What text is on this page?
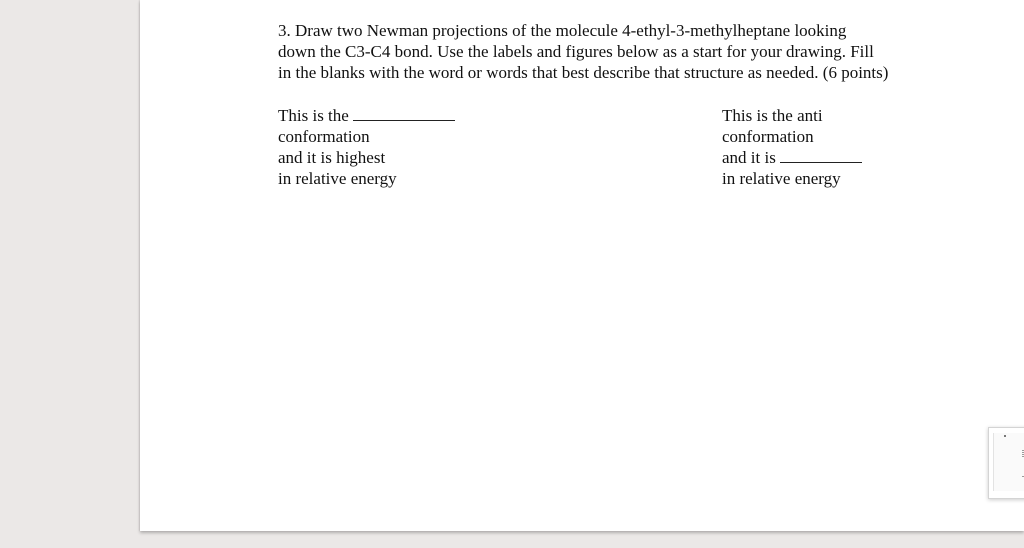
3. Draw two Newman projections of the molecule 4-ethyl-3-methylheptane looking
down the C3-C4 bond. Use the labels and figures below as a start for your drawing. Fill
in the blanks with the word or words that best describe that structure as needed. (6 points)
This is the
conformation
and it is highest
in relative energy
This is the anti
conformation
and it is
in relative energy
